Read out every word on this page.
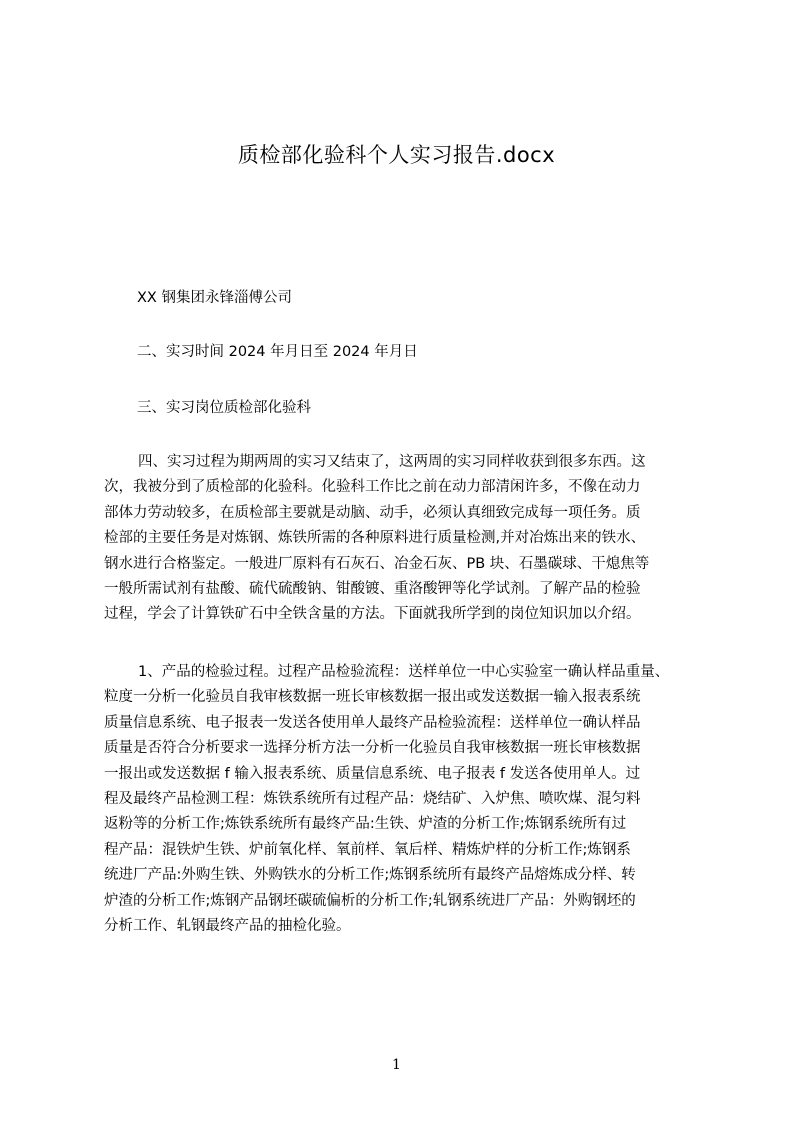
质检部化验科个人实习报告.docx
XX 钢集团永锋淄傅公司
二、实习时间 2024 年月日至 2024 年月日
三、实习岗位质检部化验科
四、实习过程为期两周的实习又结束了，这两周的实习同样收获到很多东西。这
次，我被分到了质检部的化验科。化验科工作比之前在动力部清闲许多，不像在动力
部体力劳动较多，在质检部主要就是动脑、动手，必须认真细致完成每一项任务。质
检部的主要任务是对炼钢、炼铁所需的各种原料进行质量检测,并对冶炼出来的铁水、
钢水进行合格鉴定。一般进厂原料有石灰石、冶金石灰、PB 块、石墨碳球、干熄焦等
一般所需试剂有盐酸、硫代硫酸钠、钳酸镀、重洛酸钾等化学试剂。了解产品的检验
过程，学会了计算铁矿石中全铁含量的方法。下面就我所学到的岗位知识加以介绍。
1、产品的检验过程。过程产品检验流程：送样单位一中心实验室一确认样品重量、
粒度一分析一化验员自我审核数据一班长审核数据一报出或发送数据一输入报表系统
质量信息系统、电子报表一发送各使用单人最终产品检验流程：送样单位一确认样品
质量是否符合分析要求一选择分析方法一分析一化验员自我审核数据一班长审核数据
一报出或发送数据 f 输入报表系统、质量信息系统、电子报表 f 发送各使用单人。过
程及最终产品检测工程：炼铁系统所有过程产品：烧结矿、入炉焦、喷吹煤、混匀料
返粉等的分析工作;炼铁系统所有最终产品:生铁、炉渣的分析工作;炼钢系统所有过
程产品：混铁炉生铁、炉前氧化样、氧前样、氧后样、精炼炉样的分析工作;炼钢系
统进厂产品:外购生铁、外购铁水的分析工作;炼钢系统所有最终产品熔炼成分样、转
炉渣的分析工作;炼钢产品钢坯碳硫偏析的分析工作;轧钢系统进厂产品：外购钢坯的
分析工作、轧钢最终产品的抽检化验。
1
